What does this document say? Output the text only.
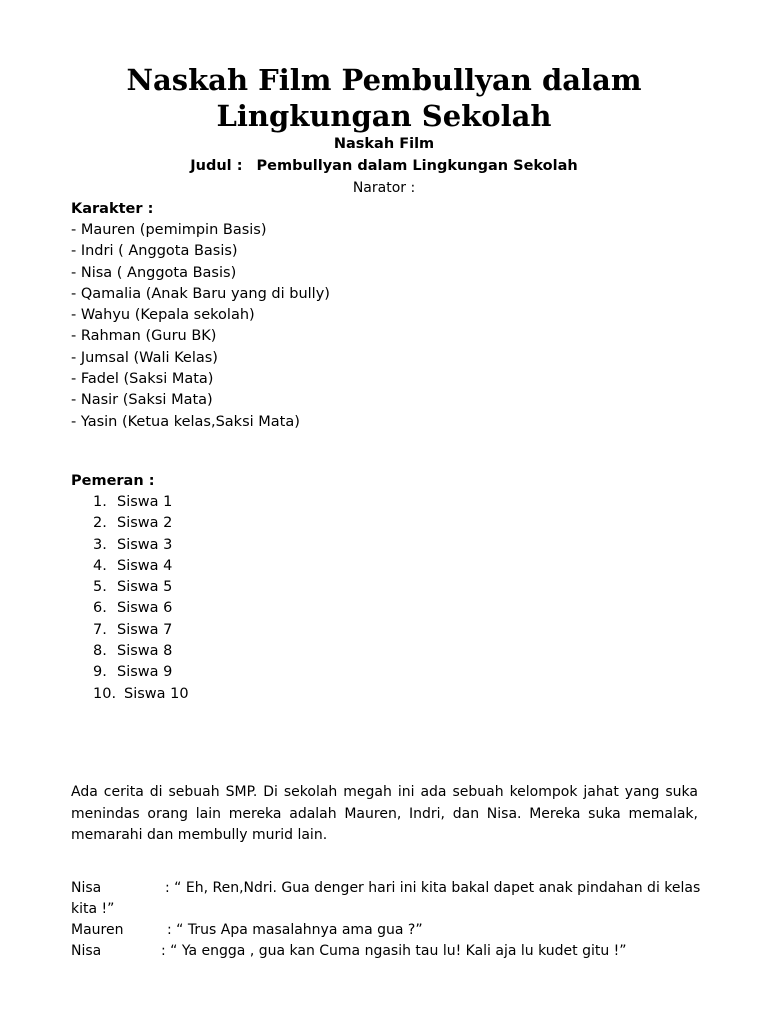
Naskah Film Pembullyan dalam
Lingkungan Sekolah

Naskah Film

Judul : Pembullyan dalam Lingkungan Sekolah

Narator :

Karakter :

- Mauren (pemimpin Basis)
- Indri ( Anggota Basis)
- Nisa ( Anggota Basis)
- Qamalia (Anak Baru yang di bully)
- Wahyu (Kepala sekolah)
- Rahman (Guru BK)
- Jumsal (Wali Kelas)
- Fadel (Saksi Mata)
- Nasir (Saksi Mata)
- Yasin (Ketua kelas,Saksi Mata)

Pemeran :

1. Siswa 1
2. Siswa 2
3. Siswa 3
4. Siswa 4
5. Siswa 5
6. Siswa 6
7. Siswa 7
8. Siswa 8
9. Siswa 9
10. Siswa 10

Ada cerita di sebuah SMP. Di sekolah megah ini ada sebuah kelompok jahat yang suka menindas orang lain mereka adalah Mauren, Indri, dan Nisa. Mereka suka memalak, memarahi dan membully murid lain.

Nisa	: “ Eh, Ren,Ndri. Gua denger hari ini kita bakal dapet anak pindahan di kelas kita !”
Mauren	: “ Trus Apa masalahnya ama gua ?”
Nisa	: “ Ya engga , gua kan Cuma ngasih tau lu! Kali aja lu kudet gitu !”
